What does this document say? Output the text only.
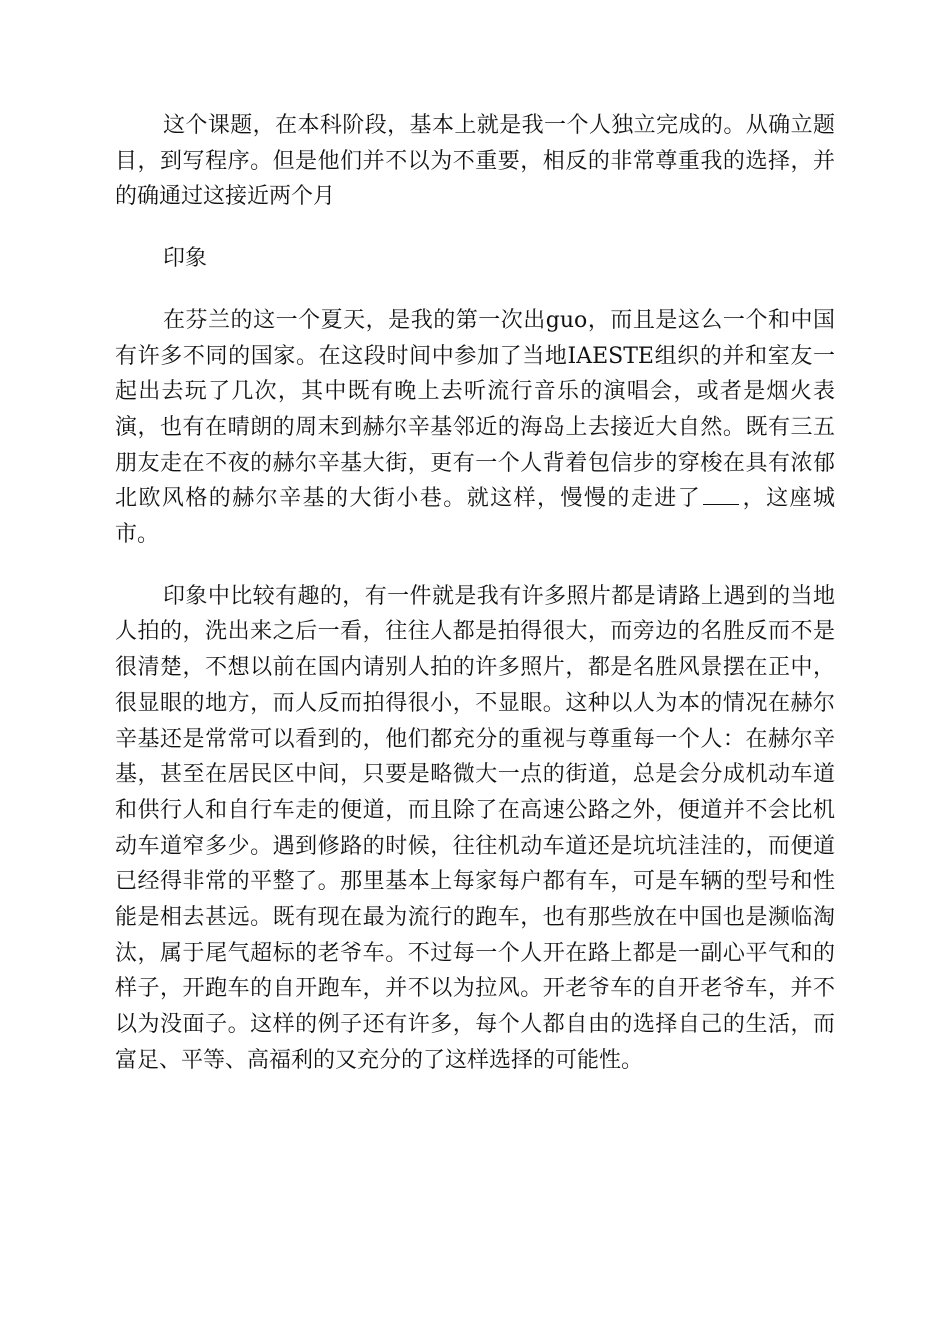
这个课题，在本科阶段，基本上就是我一个人独立完成的。从确立题目，到写程序。但是他们并不以为不重要，相反的非常尊重我的选择，并的确通过这接近两个月

印象

在芬兰的这一个夏天，是我的第一次出guo，而且是这么一个和中国有许多不同的国家。在这段时间中参加了当地IAESTE组织的并和室友一起出去玩了几次，其中既有晚上去听流行音乐的演唱会，或者是烟火表演，也有在晴朗的周末到赫尔辛基邻近的海岛上去接近大自然。既有三五朋友走在不夜的赫尔辛基大街，更有一个人背着包信步的穿梭在具有浓郁北欧风格的赫尔辛基的大街小巷。就这样，慢慢的走进了 ，这座城市。

印象中比较有趣的，有一件就是我有许多照片都是请路上遇到的当地人拍的，洗出来之后一看，往往人都是拍得很大，而旁边的名胜反而不是很清楚，不想以前在国内请别人拍的许多照片，都是名胜风景摆在正中，很显眼的地方，而人反而拍得很小，不显眼。这种以人为本的情况在赫尔辛基还是常常可以看到的，他们都充分的重视与尊重每一个人：在赫尔辛基，甚至在居民区中间，只要是略微大一点的街道，总是会分成机动车道和供行人和自行车走的便道，而且除了在高速公路之外，便道并不会比机动车道窄多少。遇到修路的时候，往往机动车道还是坑坑洼洼的，而便道已经得非常的平整了。那里基本上每家每户都有车，可是车辆的型号和性能是相去甚远。既有现在最为流行的跑车，也有那些放在中国也是濒临淘汰，属于尾气超标的老爷车。不过每一个人开在路上都是一副心平气和的样子，开跑车的自开跑车，并不以为拉风。开老爷车的自开老爷车，并不以为没面子。这样的例子还有许多，每个人都自由的选择自己的生活，而富足、平等、高福利的又充分的了这样选择的可能性。
